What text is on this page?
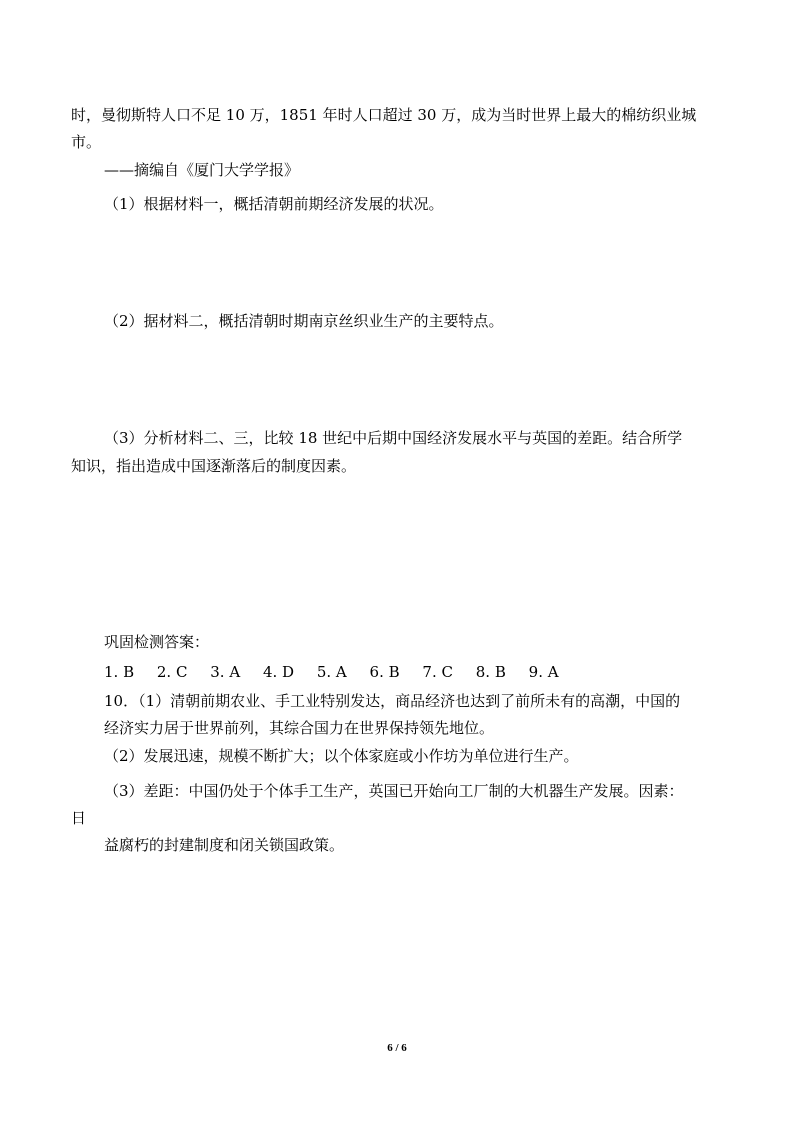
时，曼彻斯特人口不足 10 万，1851 年时人口超过 30 万，成为当时世界上最大的棉纺织业城
市。
——摘编自《厦门大学学报》
（1）根据材料一，概括清朝前期经济发展的状况。
（2）据材料二，概括清朝时期南京丝织业生产的主要特点。
（3）分析材料二、三，比较 18 世纪中后期中国经济发展水平与英国的差距。结合所学
知识，指出造成中国逐渐落后的制度因素。
巩固检测答案：
1. B 2. C 3. A 4. D 5. A 6. B 7. C 8. B 9. A
10．（1）清朝前期农业、手工业特别发达，商品经济也达到了前所未有的高潮，中国的
经济实力居于世界前列，其综合国力在世界保持领先地位。
（2）发展迅速，规模不断扩大；以个体家庭或小作坊为单位进行生产。
（3）差距：中国仍处于个体手工生产，英国已开始向工厂制的大机器生产发展。因素：
日
益腐朽的封建制度和闭关锁国政策。
6 / 6
